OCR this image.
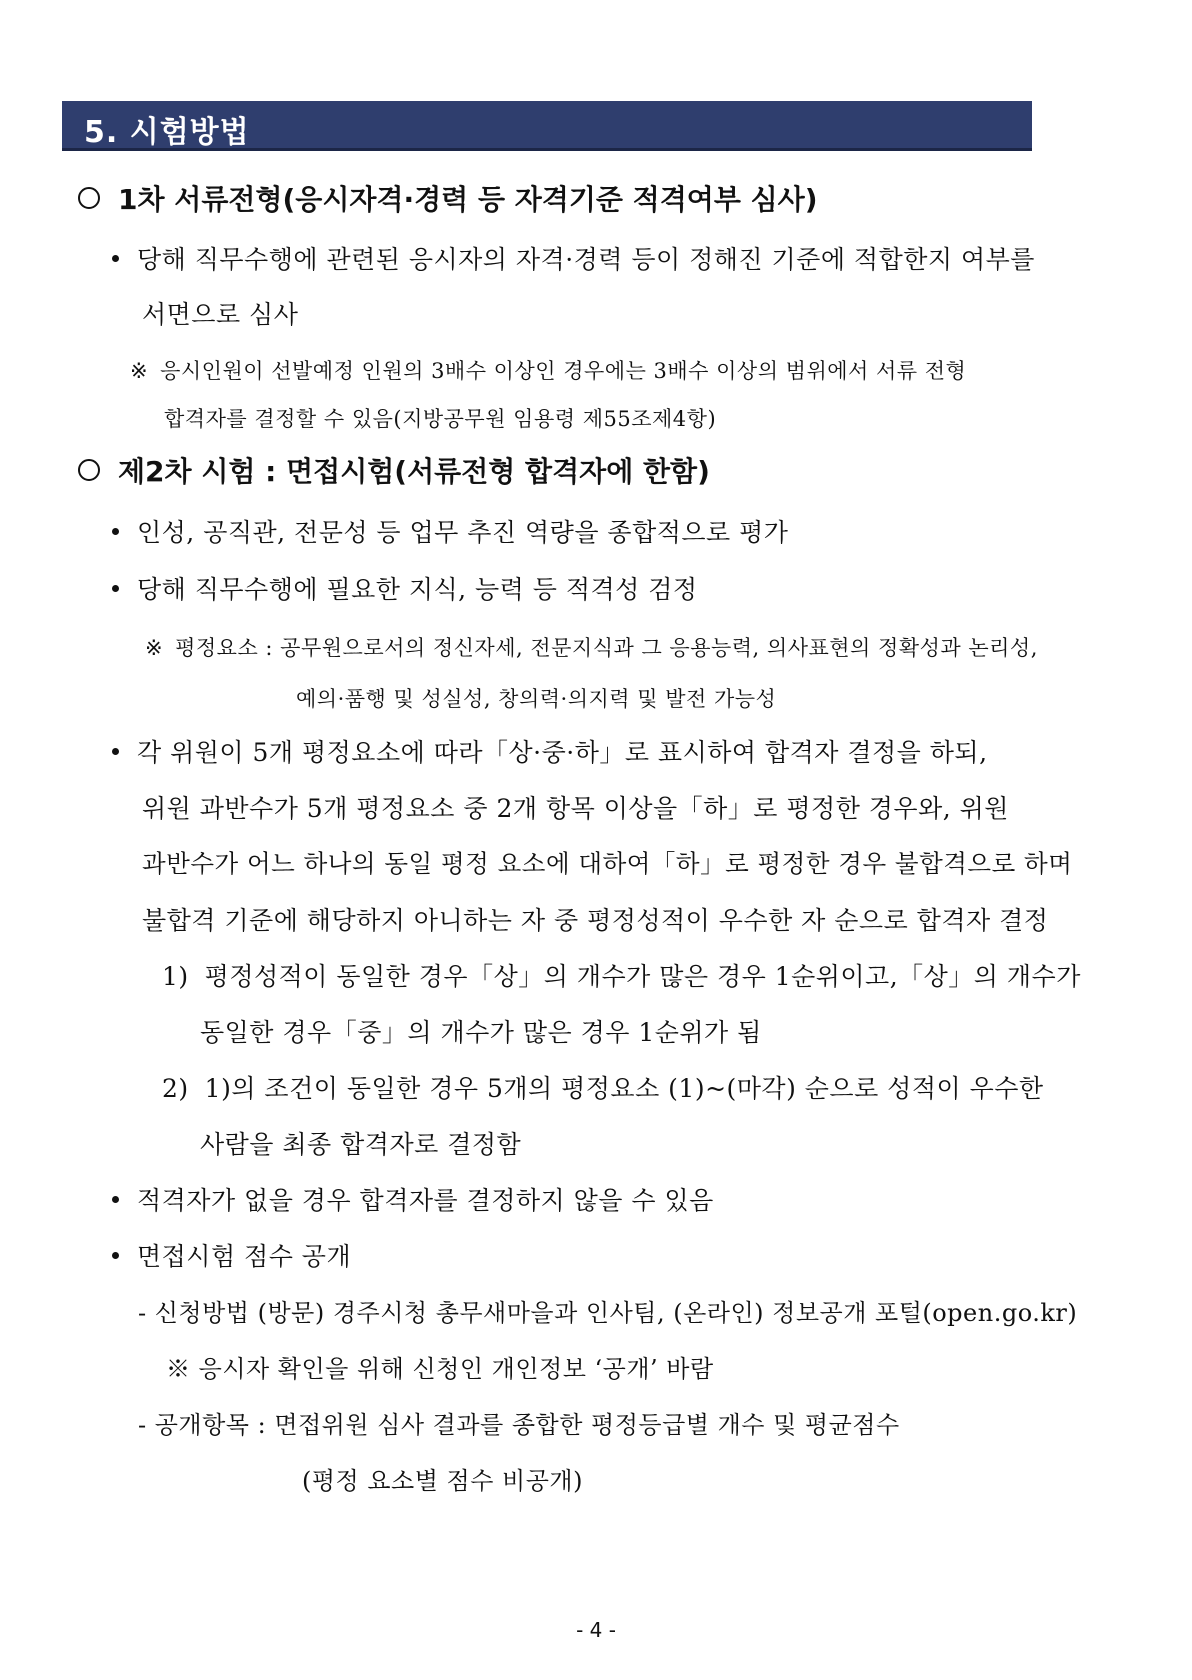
5. 시험방법
1차 서류전형(응시자격·경력 등 자격기준 적격여부 심사)
당해 직무수행에 관련된 응시자의 자격·경력 등이 정해진 기준에 적합한지 여부를
서면으로 심사
※ 응시인원이 선발예정 인원의 3배수 이상인 경우에는 3배수 이상의 범위에서 서류 전형
합격자를 결정할 수 있음(지방공무원 임용령 제55조제4항)
제2차 시험 : 면접시험(서류전형 합격자에 한함)
인성, 공직관, 전문성 등 업무 추진 역량을 종합적으로 평가
당해 직무수행에 필요한 지식, 능력 등 적격성 검정
※ 평정요소 : 공무원으로서의 정신자세, 전문지식과 그 응용능력, 의사표현의 정확성과 논리성,
예의·품행 및 성실성, 창의력·의지력 및 발전 가능성
각 위원이 5개 평정요소에 따라「상·중·하」로 표시하여 합격자 결정을 하되,
위원 과반수가 5개 평정요소 중 2개 항목 이상을「하」로 평정한 경우와, 위원
과반수가 어느 하나의 동일 평정 요소에 대하여「하」로 평정한 경우 불합격으로 하며
불합격 기준에 해당하지 아니하는 자 중 평정성적이 우수한 자 순으로 합격자 결정
1) 평정성적이 동일한 경우「상」의 개수가 많은 경우 1순위이고,「상」의 개수가
동일한 경우「중」의 개수가 많은 경우 1순위가 됨
2) 1)의 조건이 동일한 경우 5개의 평정요소 (1)~(마각) 순으로 성적이 우수한
사람을 최종 합격자로 결정함
적격자가 없을 경우 합격자를 결정하지 않을 수 있음
면접시험 점수 공개
- 신청방법 (방문) 경주시청 총무새마을과 인사팀, (온라인) 정보공개 포털(open.go.kr)
※ 응시자 확인을 위해 신청인 개인정보 ‘공개’ 바람
- 공개항목 : 면접위원 심사 결과를 종합한 평정등급별 개수 및 평균점수
(평정 요소별 점수 비공개)
- 4 -
